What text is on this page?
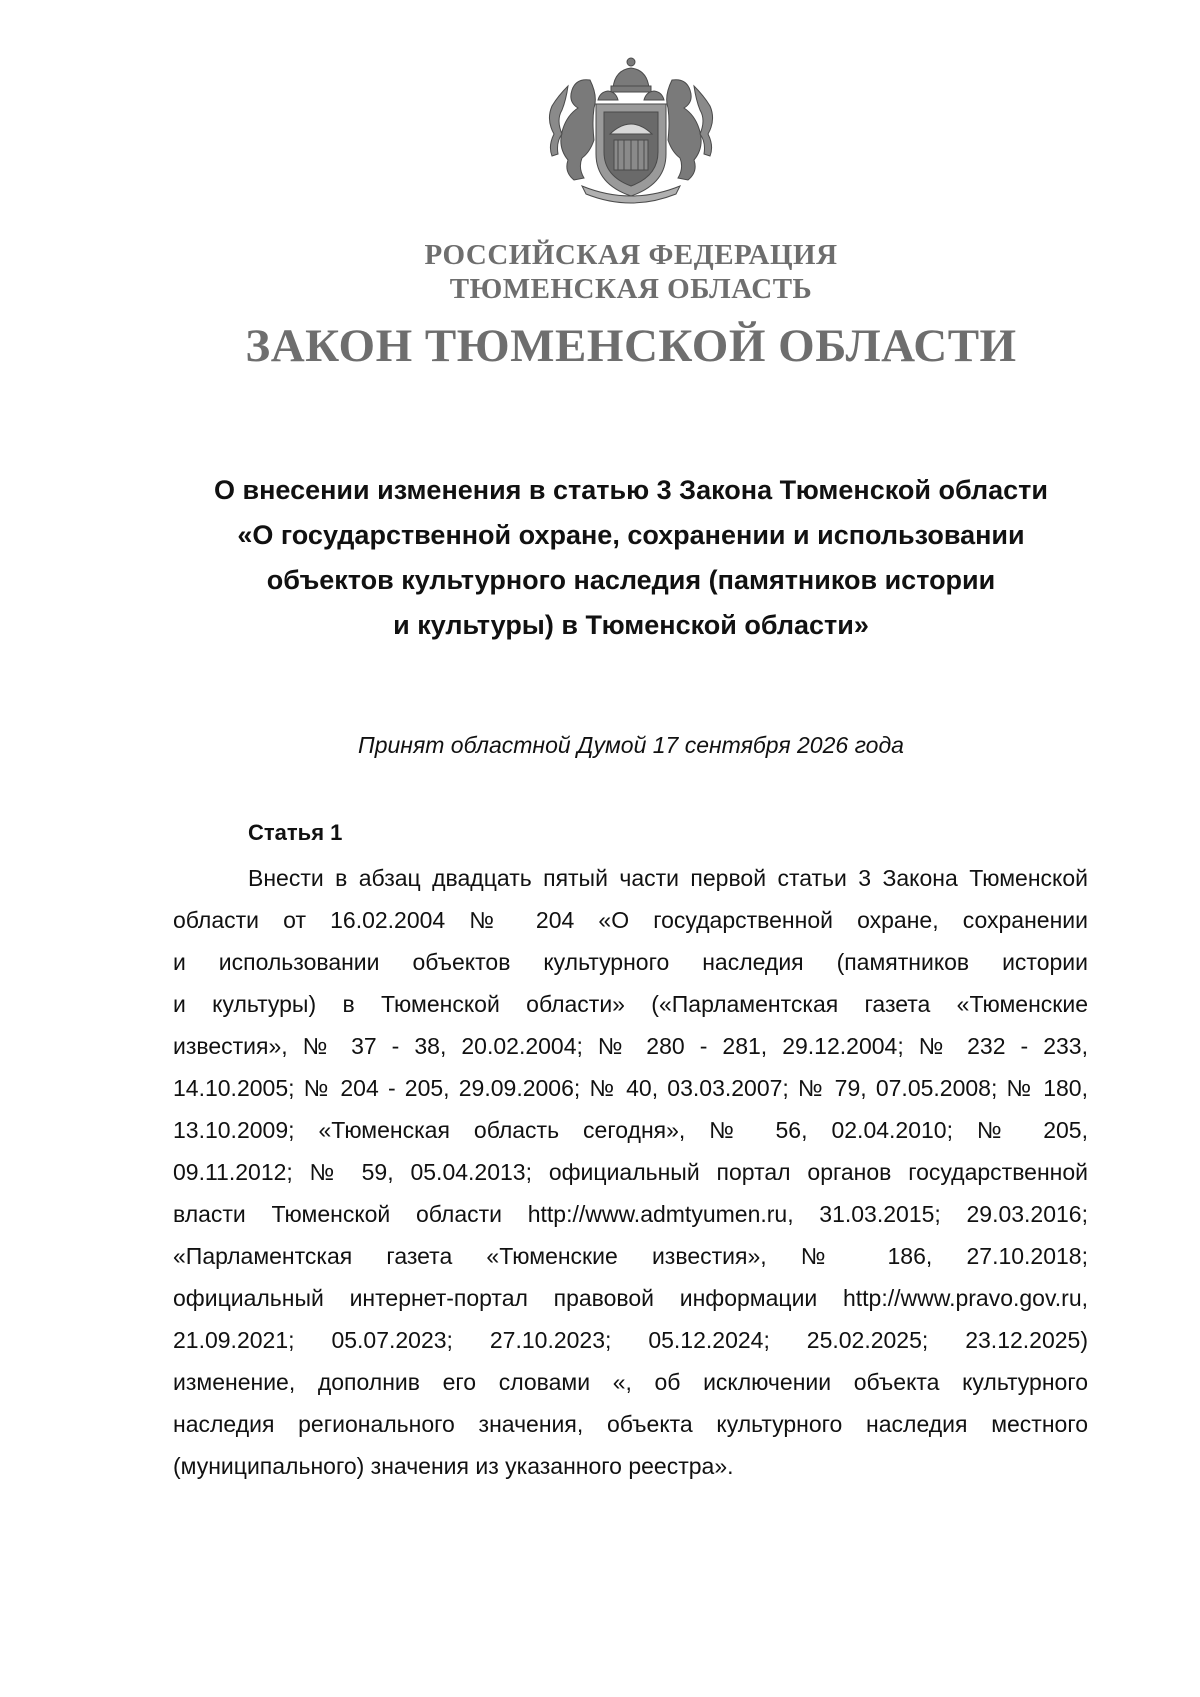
РОССИЙСКАЯ ФЕДЕРАЦИЯ
ТЮМЕНСКАЯ ОБЛАСТЬ
ЗАКОН ТЮМЕНСКОЙ ОБЛАСТИ
О внесении изменения в статью 3 Закона Тюменской области
«О государственной охране, сохранении и использовании
объектов культурного наследия (памятников истории
и культуры) в Тюменской области»
Принят областной Думой 17 сентября 2026 года
Статья 1
Внести в абзац двадцать пятый части первой статьи 3 Закона Тюменской
области от 16.02.2004 № 204 «О государственной охране, сохранении
и использовании объектов культурного наследия (памятников истории
и культуры) в Тюменской области» («Парламентская газета «Тюменские
известия», № 37 - 38, 20.02.2004; № 280 - 281, 29.12.2004; № 232 - 233,
14.10.2005; № 204 - 205, 29.09.2006; № 40, 03.03.2007; № 79, 07.05.2008; № 180,
13.10.2009; «Тюменская область сегодня», № 56, 02.04.2010; № 205,
09.11.2012; № 59, 05.04.2013; официальный портал органов государственной
власти Тюменской области http://www.admtyumen.ru, 31.03.2015; 29.03.2016;
«Парламентская газета «Тюменские известия», № 186, 27.10.2018;
официальный интернет-портал правовой информации http://www.pravo.gov.ru,
21.09.2021; 05.07.2023; 27.10.2023; 05.12.2024; 25.02.2025; 23.12.2025)
изменение, дополнив его словами «, об исключении объекта культурного
наследия регионального значения, объекта культурного наследия местного
(муниципального) значения из указанного реестра».
